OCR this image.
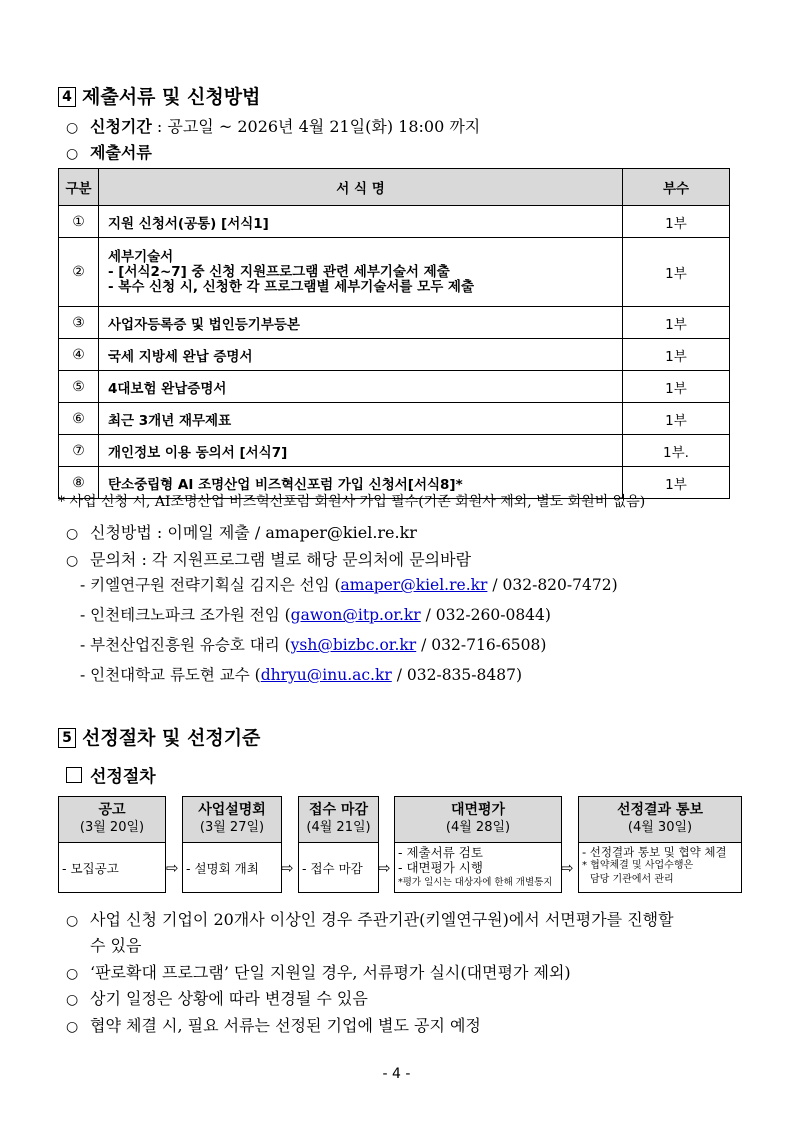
4 제출서류 및 신청방법
○ 신청기간 : 공고일 ~ 2026년 4월 21일(화) 18:00 까지
○ 제출서류
구분	서 식 명	부수
①	지원 신청서(공통) [서식1]	1부
②	세부기술서
- [서식2~7] 중 신청 지원프로그램 관련 세부기술서 제출
- 복수 신청 시, 신청한 각 프로그램별 세부기술서를 모두 제출	1부
③	사업자등록증 및 법인등기부등본	1부
④	국세 지방세 완납 증명서	1부
⑤	4대보험 완납증명서	1부
⑥	최근 3개년 재무제표	1부
⑦	개인정보 이용 동의서 [서식7]	1부.
⑧	탄소중립형 AI 조명산업 비즈혁신포럼 가입 신청서[서식8]*	1부
* 사업 신청 시, AI조명산업 비즈혁신포럼 회원사 가입 필수(기존 회원사 제외, 별도 회원비 없음)
○ 신청방법 : 이메일 제출 / amaper@kiel.re.kr
○ 문의처 : 각 지원프로그램 별로 해당 문의처에 문의바람
- 키엘연구원 전략기획실 김지은 선임 (amaper@kiel.re.kr / 032-820-7472)
- 인천테크노파크 조가원 전임 (gawon@itp.or.kr / 032-260-0844)
- 부천산업진흥원 유승호 대리 (ysh@bizbc.or.kr / 032-716-6508)
- 인천대학교 류도현 교수 (dhryu@inu.ac.kr / 032-835-8487)
5 선정절차 및 선정기준
선정절차
공고
(3월 20일)
- 모집공고	⇨
사업설명회
(3월 27일)
- 설명회 개최	⇨
접수 마감
(4월 21일)
- 접수 마감	⇨
대면평가
(4월 28일)
- 제출서류 검토
- 대면평가 시행
*평가 일시는 대상자에 한해 개별통지
⇨
선정결과 통보
(4월 30일)
- 선정결과 통보 및 협약 체결
* 협약체결 및 사업수행은
담당 기관에서 관리
○ 사업 신청 기업이 20개사 이상인 경우 주관기관(키엘연구원)에서 서면평가를 진행할
수 있음
○ ‘판로확대 프로그램’ 단일 지원일 경우, 서류평가 실시(대면평가 제외)
○ 상기 일정은 상황에 따라 변경될 수 있음
○ 협약 체결 시, 필요 서류는 선정된 기업에 별도 공지 예정
- 4 -
